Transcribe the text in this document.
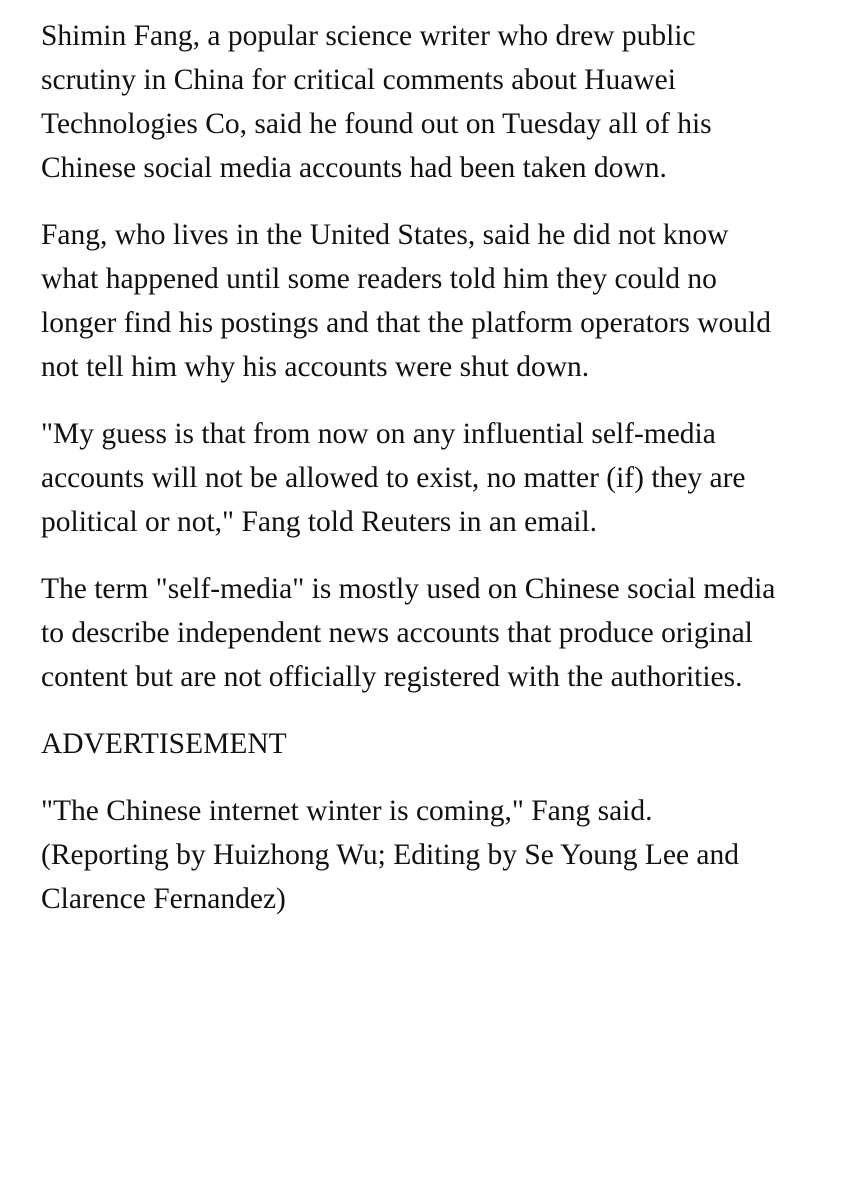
Shimin Fang, a popular science writer who drew public
scrutiny in China for critical comments about Huawei
Technologies Co, said he found out on Tuesday all of his
Chinese social media accounts had been taken down.

Fang, who lives in the United States, said he did not know
what happened until some readers told him they could no
longer find his postings and that the platform operators would
not tell him why his accounts were shut down.

"My guess is that from now on any influential self-media
accounts will not be allowed to exist, no matter (if) they are
political or not," Fang told Reuters in an email.

The term "self-media" is mostly used on Chinese social media
to describe independent news accounts that produce original
content but are not officially registered with the authorities.

ADVERTISEMENT

"The Chinese internet winter is coming," Fang said.
(Reporting by Huizhong Wu; Editing by Se Young Lee and
Clarence Fernandez)
